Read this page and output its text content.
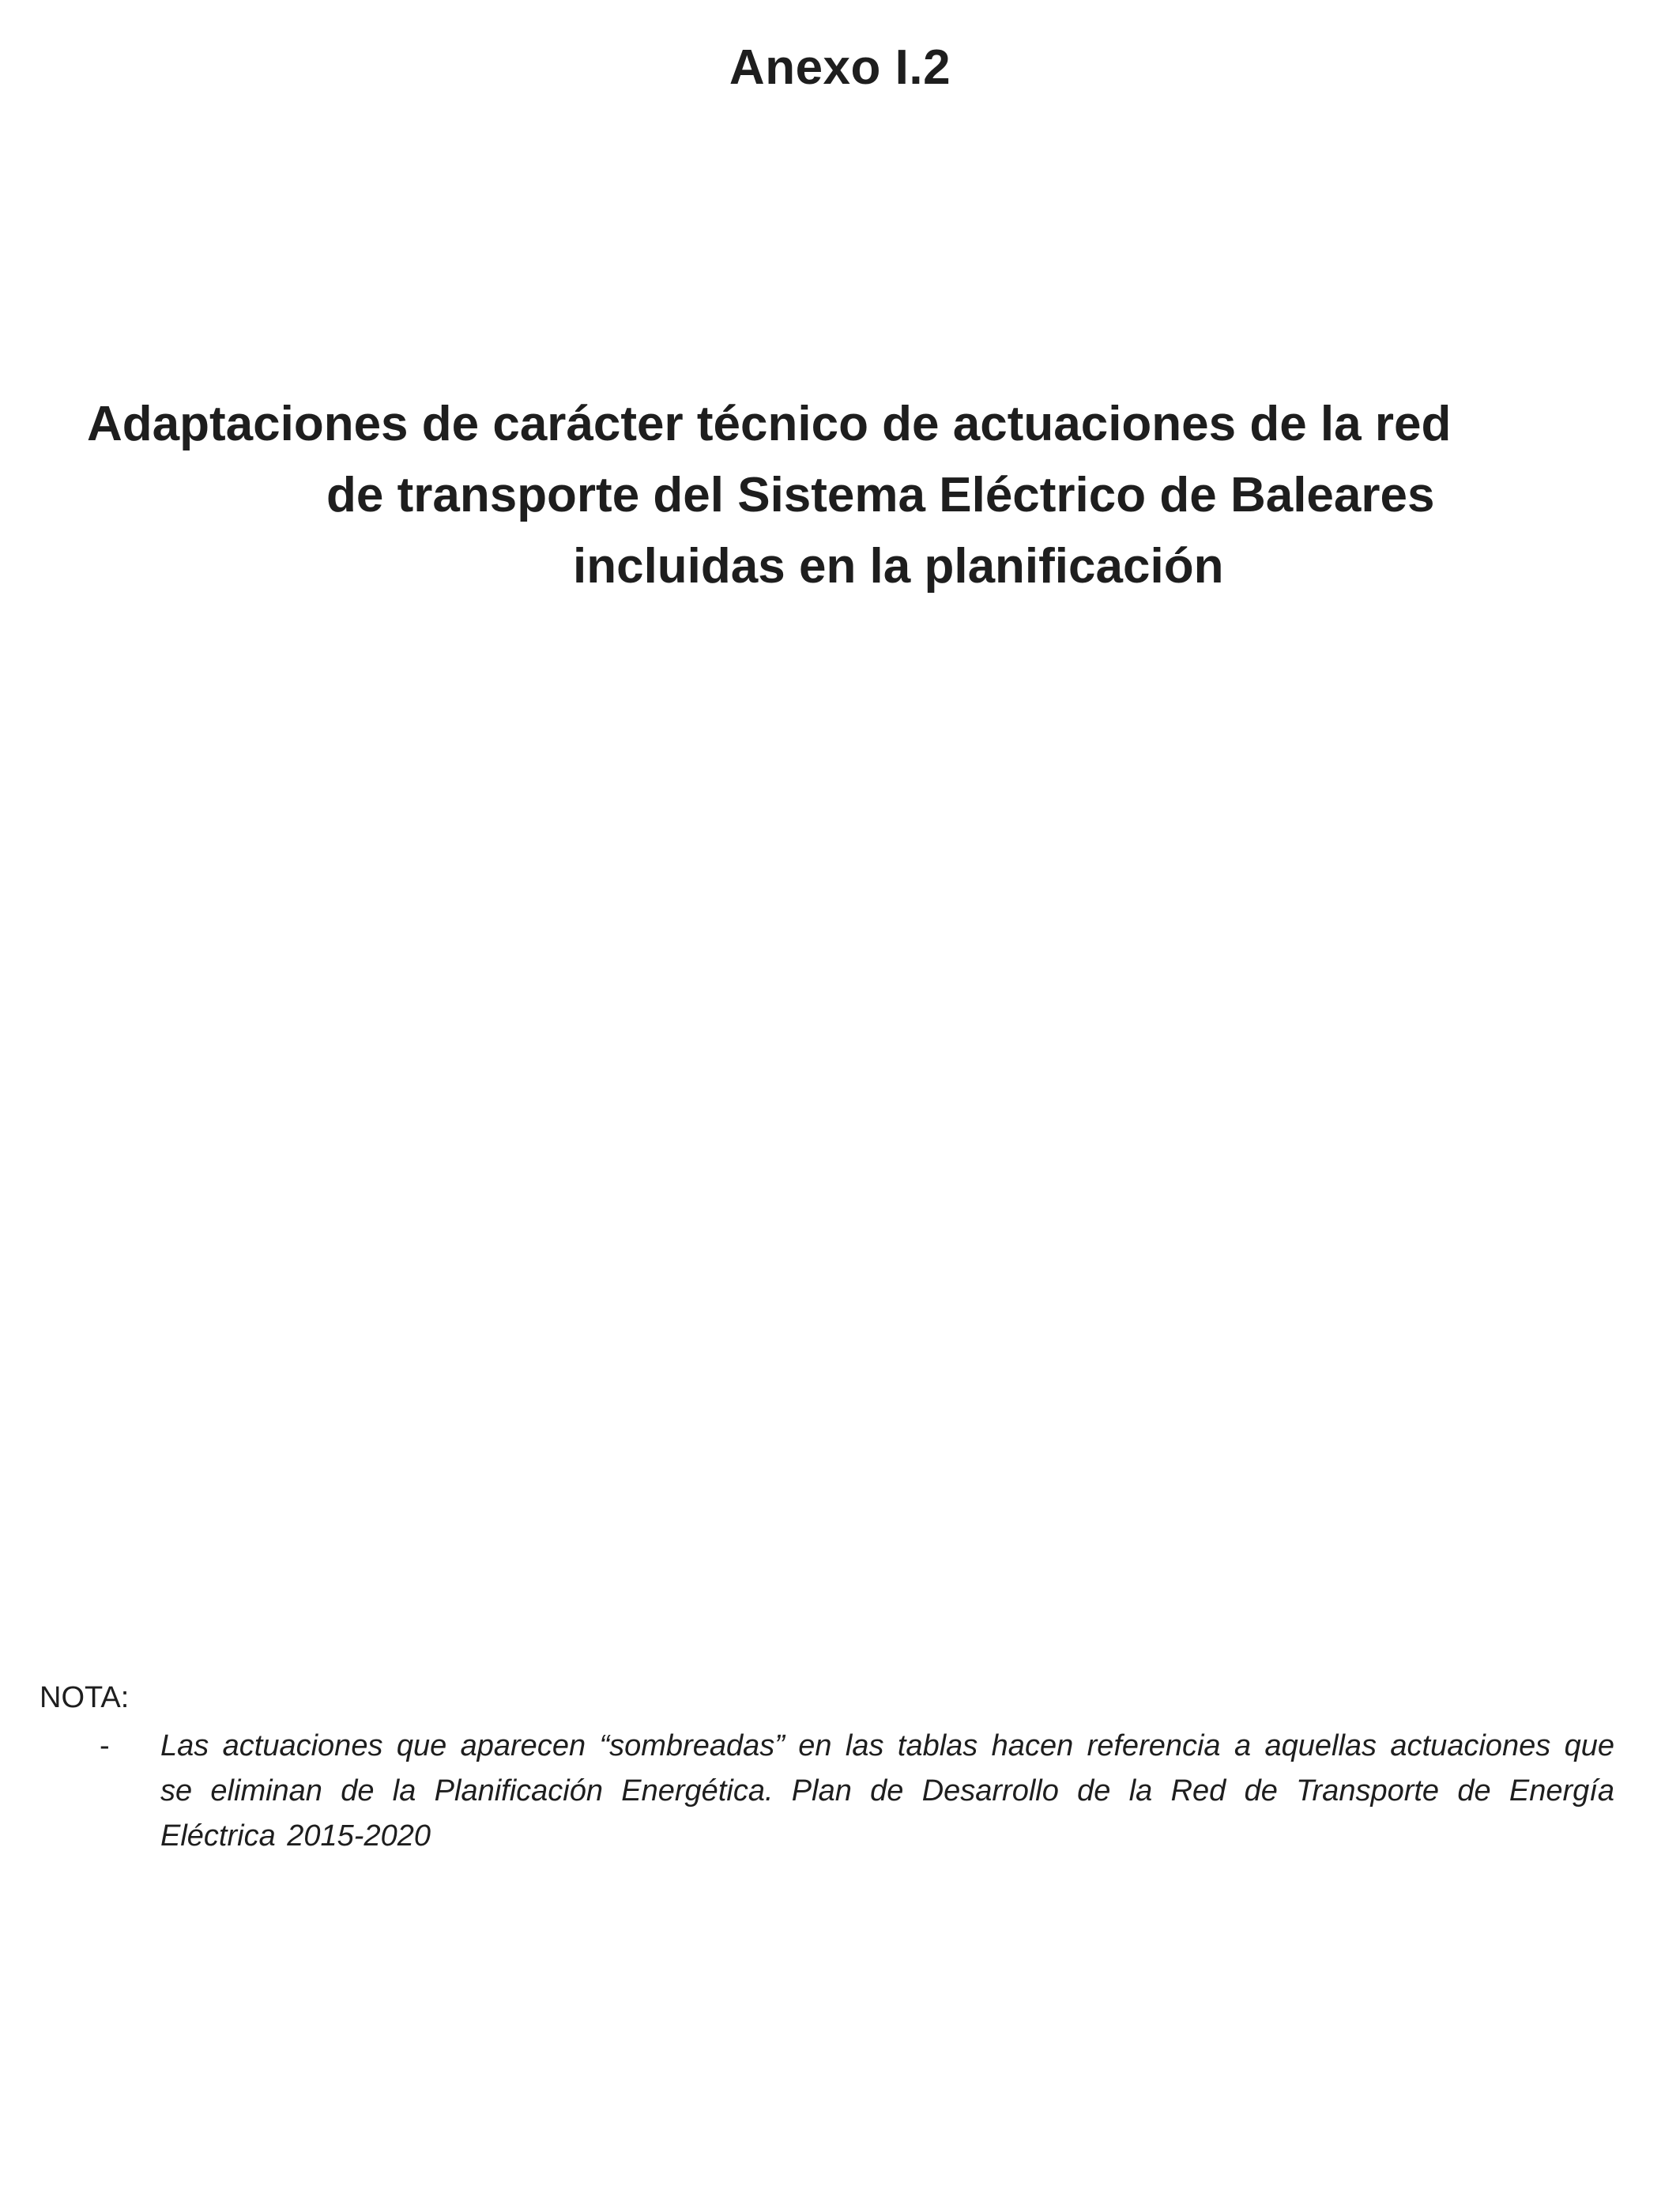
Anexo I.2
Adaptaciones de carácter técnico de actuaciones de la red
de transporte del Sistema Eléctrico de Baleares
incluidas en la planificación

NOTA:

- Las actuaciones que aparecen “sombreadas” en las tablas hacen referencia a aquellas actuaciones que se eliminan de la Planificación Energética. Plan de Desarrollo de la Red de Transporte de Energía Eléctrica 2015-2020
